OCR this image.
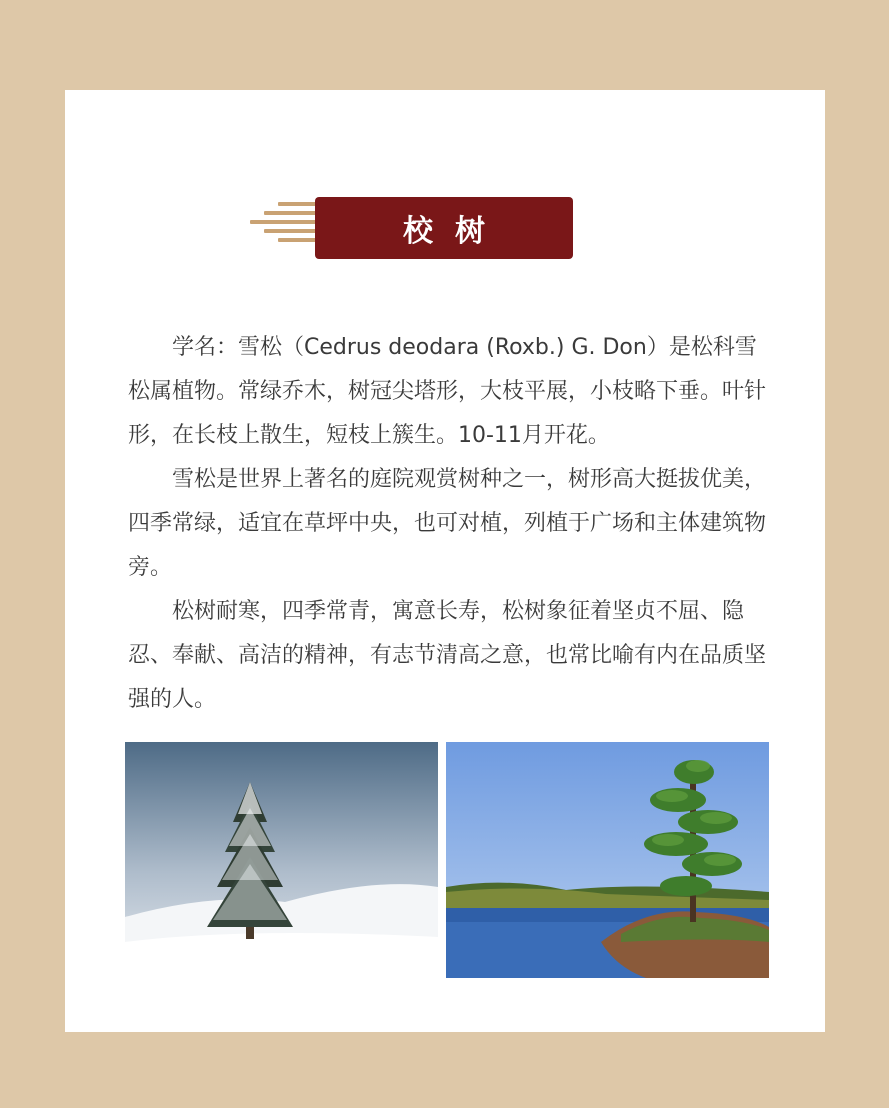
校树

学名：雪松（Cedrus deodara (Roxb.) G. Don）是松科雪松属植物。常绿乔木，树冠尖塔形，大枝平展，小枝略下垂。叶针形，在长枝上散生，短枝上簇生。10-11月开花。

雪松是世界上著名的庭院观赏树种之一，树形高大挺拔优美，四季常绿，适宜在草坪中央，也可对植，列植于广场和主体建筑物旁。

松树耐寒，四季常青，寓意长寿，松树象征着坚贞不屈、隐忍、奉献、高洁的精神，有志节清高之意，也常比喻有内在品质坚强的人。
